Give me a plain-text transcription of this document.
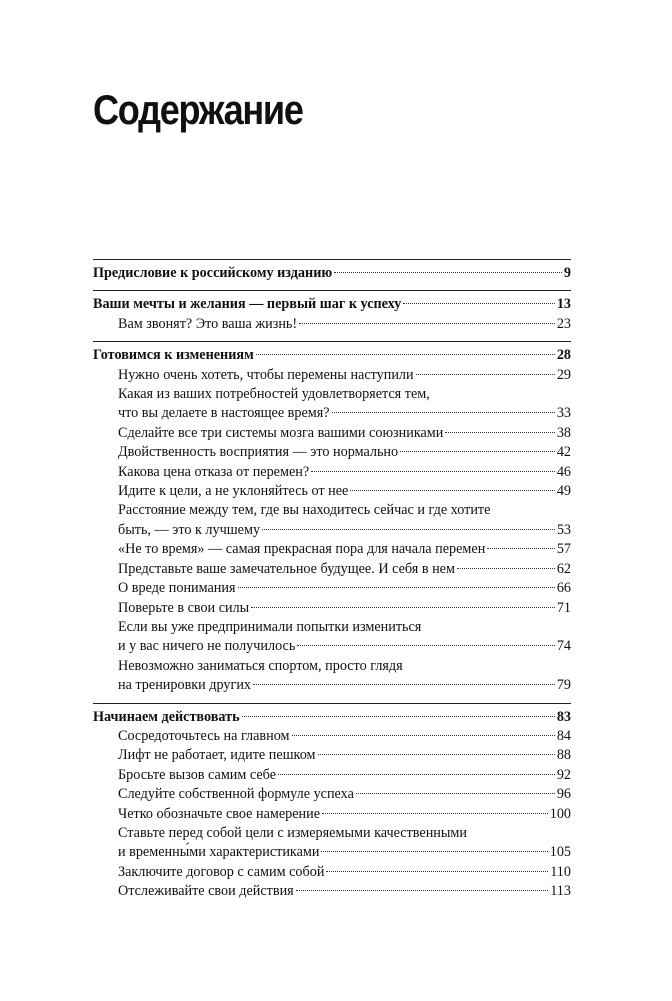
Содержание
Предисловие к российскому изданию	9
Ваши мечты и желания — первый шаг к успеху	13
Вам звонят? Это ваша жизнь!	23
Готовимся к изменениям	28
Нужно очень хотеть, чтобы перемены наступили	29
Какая из ваших потребностей удовлетворяется тем,
что вы делаете в настоящее время?	33
Сделайте все три системы мозга вашими союзниками	38
Двойственность восприятия — это нормально	42
Какова цена отказа от перемен?	46
Идите к цели, а не уклоняйтесь от нее	49
Расстояние между тем, где вы находитесь сейчас и где хотите
быть, — это к лучшему	53
«Не то время» — самая прекрасная пора для начала перемен	57
Представьте ваше замечательное будущее. И себя в нем	62
О вреде понимания	66
Поверьте в свои силы	71
Если вы уже предпринимали попытки измениться
и у вас ничего не получилось	74
Невозможно заниматься спортом, просто глядя
на тренировки других	79
Начинаем действовать	83
Сосредоточьтесь на главном	84
Лифт не работает, идите пешком	88
Бросьте вызов самим себе	92
Следуйте собственной формуле успеха	96
Четко обозначьте свое намерение	100
Ставьте перед собой цели с измеряемыми качественными
и временны́ми характеристиками	105
Заключите договор с самим собой	110
Отслеживайте свои действия	113
